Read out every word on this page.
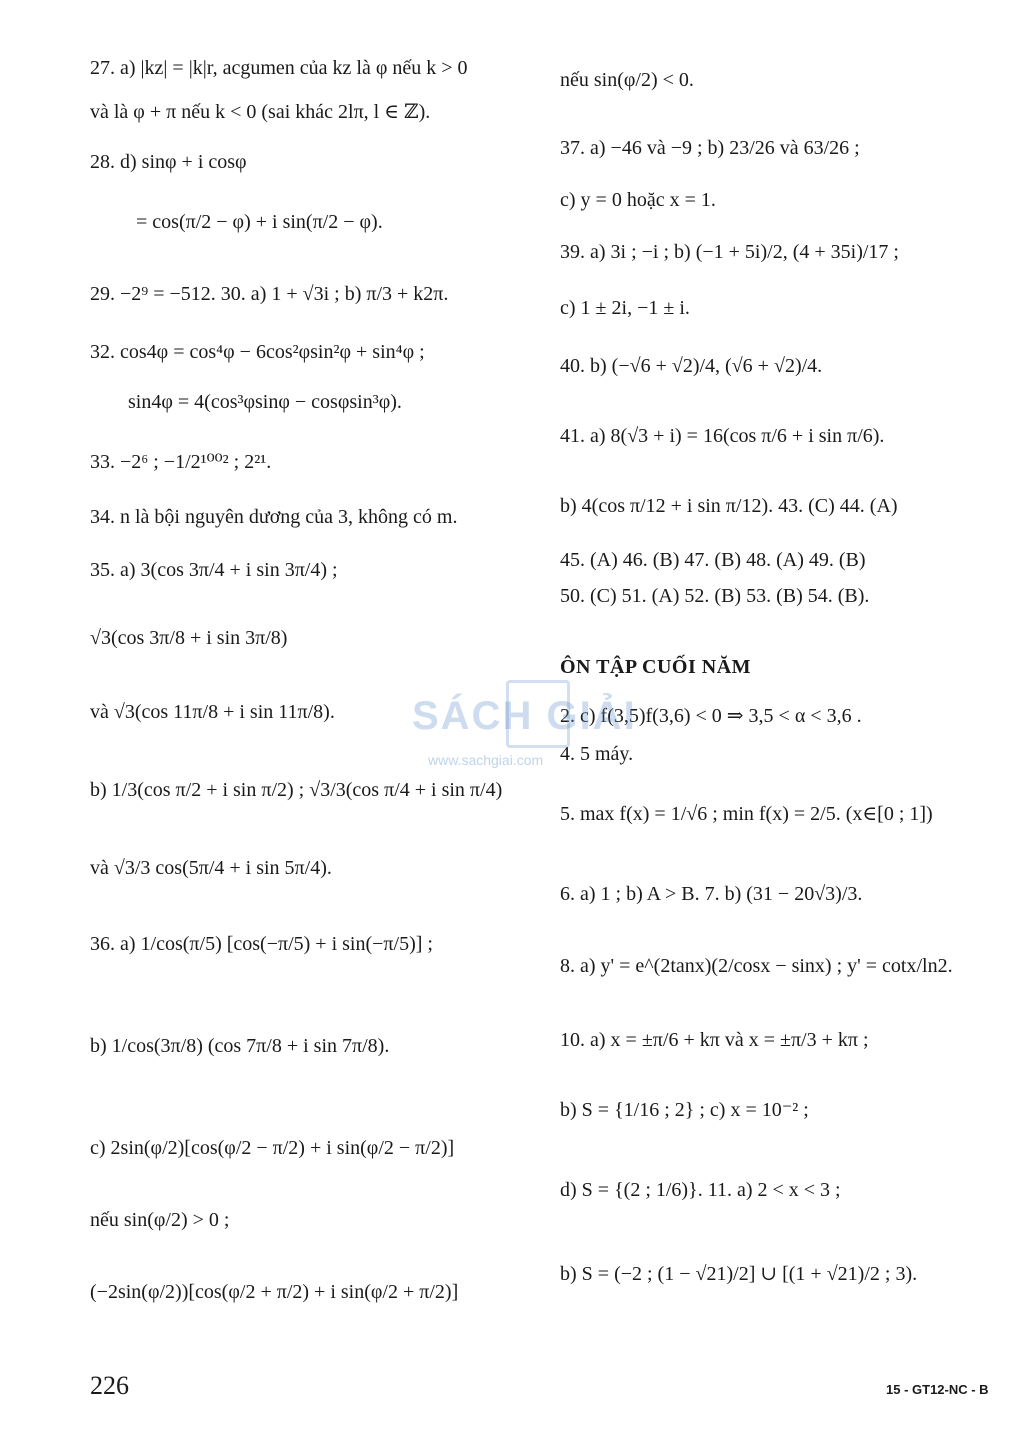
27. a) |kz| = |k|r, acgumen của kz là φ nếu k > 0
và là φ + π nếu k < 0 (sai khác 2lπ, l ∈ ℤ).
28. d) sinφ + i cosφ
= cos(π/2 − φ) + i sin(π/2 − φ).
29. −2⁹ = −512. 30. a) 1 + √3i ; b) π/3 + k2π.
32. cos4φ = cos⁴φ − 6cos²φsin²φ + sin⁴φ ;
sin4φ = 4(cos³φsinφ − cosφsin³φ).
33. −2⁶ ; −1/2¹⁰⁰² ; 2²¹.
34. n là bội nguyên dương của 3, không có m.
35. a) 3(cos 3π/4 + i sin 3π/4) ;
√3(cos 3π/8 + i sin 3π/8)
và √3(cos 11π/8 + i sin 11π/8).
b) 1/3(cos π/2 + i sin π/2) ; √3/3(cos π/4 + i sin π/4)
và √3/3 cos(5π/4 + i sin 5π/4).
36. a) 1/cos(π/5) [cos(−π/5) + i sin(−π/5)] ;
b) 1/cos(3π/8) (cos 7π/8 + i sin 7π/8).
c) 2sin(φ/2)[cos(φ/2 − π/2) + i sin(φ/2 − π/2)]
nếu sin(φ/2) > 0 ;
(−2sin(φ/2))[cos(φ/2 + π/2) + i sin(φ/2 + π/2)]
nếu sin(φ/2) < 0.
37. a) −46 và −9 ; b) 23/26 và 63/26 ;
c) y = 0 hoặc x = 1.
39. a) 3i ; −i ; b) (−1 + 5i)/2, (4 + 35i)/17 ;
c) 1 ± 2i, −1 ± i.
40. b) (−√6 + √2)/4, (√6 + √2)/4.
41. a) 8(√3 + i) = 16(cos π/6 + i sin π/6).
b) 4(cos π/12 + i sin π/12). 43. (C) 44. (A)
45. (A) 46. (B) 47. (B) 48. (A) 49. (B)
50. (C) 51. (A) 52. (B) 53. (B) 54. (B).
ÔN TẬP CUỐI NĂM
2. c) f(3,5)f(3,6) < 0 ⇒ 3,5 < α < 3,6 .
4. 5 máy.
5. max f(x) = 1/√6 ; min f(x) = 2/5. (x∈[0 ; 1])
6. a) 1 ; b) A > B. 7. b) (31 − 20√3)/3.
8. a) y' = e^(2tanx)(2/cosx − sinx) ; y' = cotx/ln2.
10. a) x = ±π/6 + kπ và x = ±π/3 + kπ ;
b) S = {1/16 ; 2} ; c) x = 10⁻² ;
d) S = {(2 ; 1/6)}. 11. a) 2 < x < 3 ;
b) S = (−2 ; (1 − √21)/2] ∪ [(1 + √21)/2 ; 3).
SÁCH GIẢI
www.sachgiai.com
226	15 - GT12-NC - B
